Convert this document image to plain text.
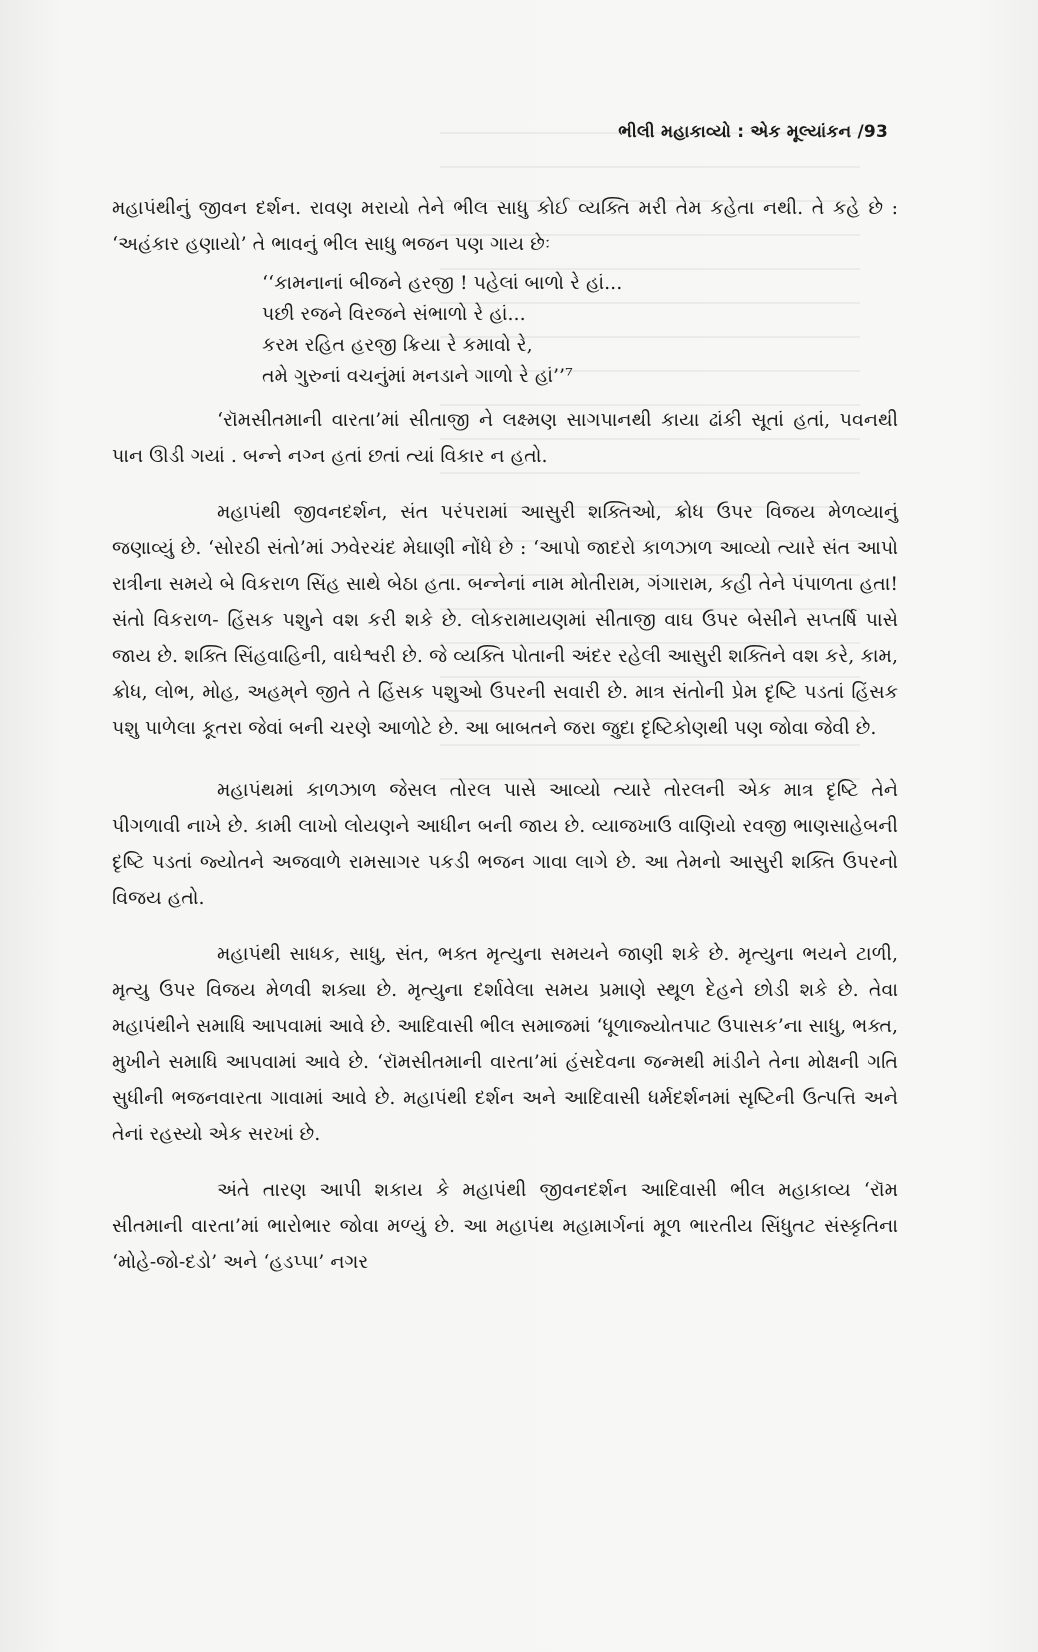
ભીલી મહાકાવ્યો : એક મૂલ્યાંકન /93

મહાપંથીનું જીવન દર્શન. રાવણ મરાયો તેને ભીલ સાધુ કોઈ વ્યક્તિ મરી તેમ કહેતા નથી. તે કહે છે : ‘અહંકાર હણાયો’ તે ભાવનું ભીલ સાધુ ભજન પણ ગાય છેઃ

‘‘કામનાનાં બીજને હરજી ! પહેલાં બાળો રે હાં...
પછી રજને વિરજને સંભાળો રે હાં...
કરમ રહિત હરજી ક્રિયા રે કમાવો રે,
તમે ગુરુનાં વચનુંમાં મનડાને ગાળો રે હાં’’⁷

‘રૉમસીતમાની વારતા’માં સીતાજી ને લક્ષ્મણ સાગપાનથી કાયા ઢાંકી સૂતાં હતાં, પવનથી પાન ઊડી ગયાં . બન્ને નગ્ન હતાં છતાં ત્યાં વિકાર ન હતો.

મહાપંથી જીવનદર્શન, સંત પરંપરામાં આસુરી શક્તિઓ, ક્રોધ ઉપર વિજય મેળવ્યાનું જણાવ્યું છે. ‘સોરઠી સંતો’માં ઝવેરચંદ મેઘાણી નોંધે છે : ‘આપો જાદરો કાળઝાળ આવ્યો ત્યારે સંત આપો રાત્રીના સમયે બે વિકરાળ સિંહ સાથે બેઠા હતા. બન્નેનાં નામ મોતીરામ, ગંગારામ, કહી તેને પંપાળતા હતા! સંતો વિકરાળ- હિંસક પશુને વશ કરી શકે છે. લોકરામાયણમાં સીતાજી વાઘ ઉપર બેસીને સપ્તર્ષિ પાસે જાય છે. શક્તિ સિંહવાહિની, વાઘેશ્વરી છે. જે વ્યક્તિ પોતાની અંદર રહેલી આસુરી શક્તિને વશ કરે, કામ, ક્રોધ, લોભ, મોહ, અહમ્‌ને જીતે તે હિંસક પશુઓ ઉપરની સવારી છે. માત્ર સંતોની પ્રેમ દૃષ્ટિ પડતાં હિંસક પશુ પાળેલા કૂતરા જેવાં બની ચરણે આળોટે છે. આ બાબતને જરા જુદા દૃષ્ટિકોણથી પણ જોવા જેવી છે.

મહાપંથમાં કાળઝાળ જેસલ તોરલ પાસે આવ્યો ત્યારે તોરલની એક માત્ર દૃષ્ટિ તેને પીગળાવી નાખે છે. કામી લાખો લોયણને આધીન બની જાય છે. વ્યાજખાઉ વાણિયો રવજી ભાણસાહેબની દૃષ્ટિ પડતાં જ્યોતને અજવાળે રામસાગર પકડી ભજન ગાવા લાગે છે. આ તેમનો આસુરી શક્તિ ઉપરનો વિજય હતો.

મહાપંથી સાધક, સાધુ, સંત, ભક્ત મૃત્યુના સમયને જાણી શકે છે. મૃત્યુના ભયને ટાળી, મૃત્યુ ઉપર વિજય મેળવી શક્યા છે. મૃત્યુના દર્શાવેલા સમય પ્રમાણે સ્થૂળ દેહને છોડી શકે છે. તેવા મહાપંથીને સમાધિ આપવામાં આવે છે. આદિવાસી ભીલ સમાજમાં ‘ધૂળાજ્યોતપાટ ઉપાસક’ના સાધુ, ભક્ત, મુખીને સમાધિ આપવામાં આવે છે. ‘રૉમસીતમાની વારતા’માં હંસદેવના જન્મથી માંડીને તેના મોક્ષની ગતિ સુધીની ભજનવારતા ગાવામાં આવે છે. મહાપંથી દર્શન અને આદિવાસી ધર્મદર્શનમાં સૃષ્ટિની ઉત્પત્તિ અને તેનાં રહસ્યો એક સરખાં છે.

અંતે તારણ આપી શકાય કે મહાપંથી જીવનદર્શન આદિવાસી ભીલ મહાકાવ્ય ‘રૉમ સીતમાની વારતા’માં ભારોભાર જોવા મળ્યું છે. આ મહાપંથ મહામાર્ગનાં મૂળ ભારતીય સિંધુતટ સંસ્કૃતિના ‘મોહે-જો-દડો’ અને ‘હડપ્પા’ નગર
